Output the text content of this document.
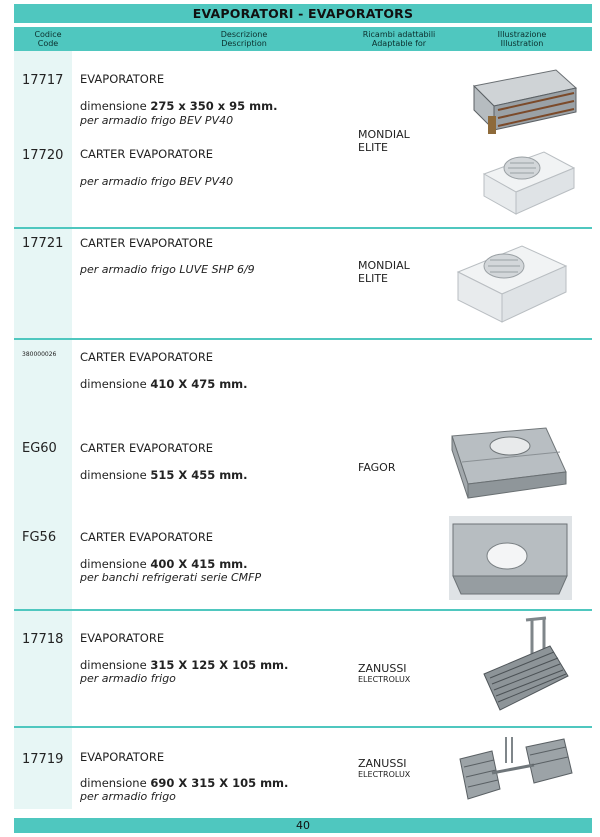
EVAPORATORI - EVAPORATORS
Codice
Code
Descrizione
Description
Ricambi adattabili
Adaptable for
Illustrazione
Illustration
17717 EVAPORATORE
dimensione 275 x 350 x 95 mm.
per armadio frigo BEV PV40
17720 CARTER EVAPORATORE
per armadio frigo BEV PV40
MONDIAL
ELITE
17721 CARTER EVAPORATORE
per armadio frigo LUVE SHP 6/9	MONDIAL
ELITE
380000026 CARTER EVAPORATORE
dimensione 410 X 475 mm.
EG60 CARTER EVAPORATORE
dimensione 515 X 455 mm.
FAGOR
FG56 CARTER EVAPORATORE
dimensione 400 X 415 mm.
per banchi refrigerati serie CMFP
17718 EVAPORATORE
dimensione 315 X 125 X 105 mm.
per armadio frigo
ZANUSSI
ELECTROLUX
17719 EVAPORATORE
dimensione 690 X 315 X 105 mm.
per armadio frigo
ZANUSSI
ELECTROLUX
40
